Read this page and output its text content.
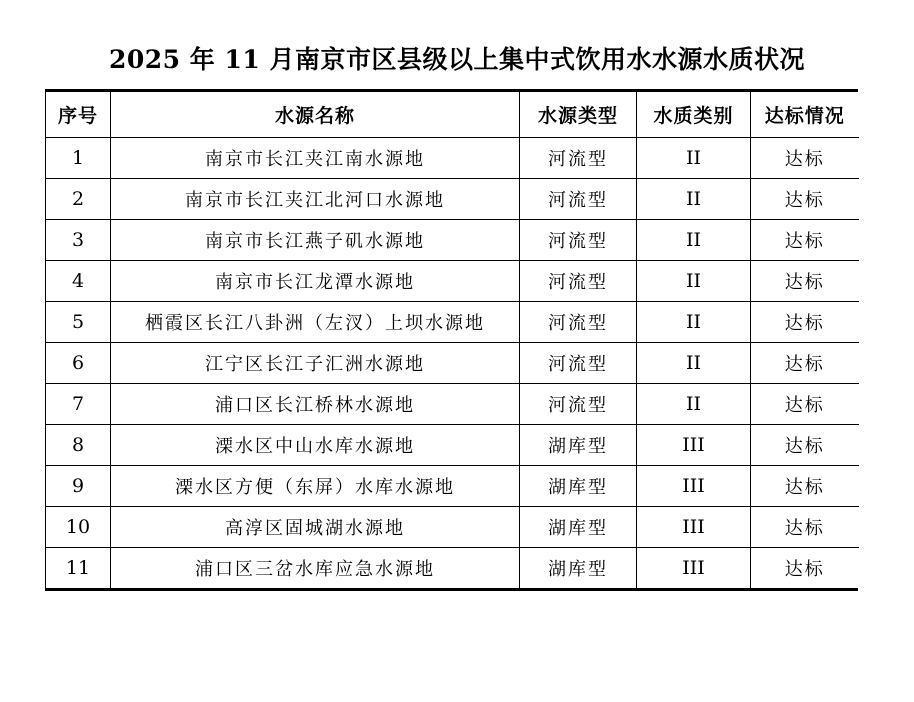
2025 年 11 月南京市区县级以上集中式饮用水水源水质状况
序号	水源名称	水源类型	水质类别	达标情况
1	南京市长江夹江南水源地	河流型	II	达标
2	南京市长江夹江北河口水源地	河流型	II	达标
3	南京市长江燕子矶水源地	河流型	II	达标
4	南京市长江龙潭水源地	河流型	II	达标
5	栖霞区长江八卦洲（左汊）上坝水源地	河流型	II	达标
6	江宁区长江子汇洲水源地	河流型	II	达标
7	浦口区长江桥林水源地	河流型	II	达标
8	溧水区中山水库水源地	湖库型	III	达标
9	溧水区方便（东屏）水库水源地	湖库型	III	达标
10	高淳区固城湖水源地	湖库型	III	达标
11	浦口区三岔水库应急水源地	湖库型	III	达标
